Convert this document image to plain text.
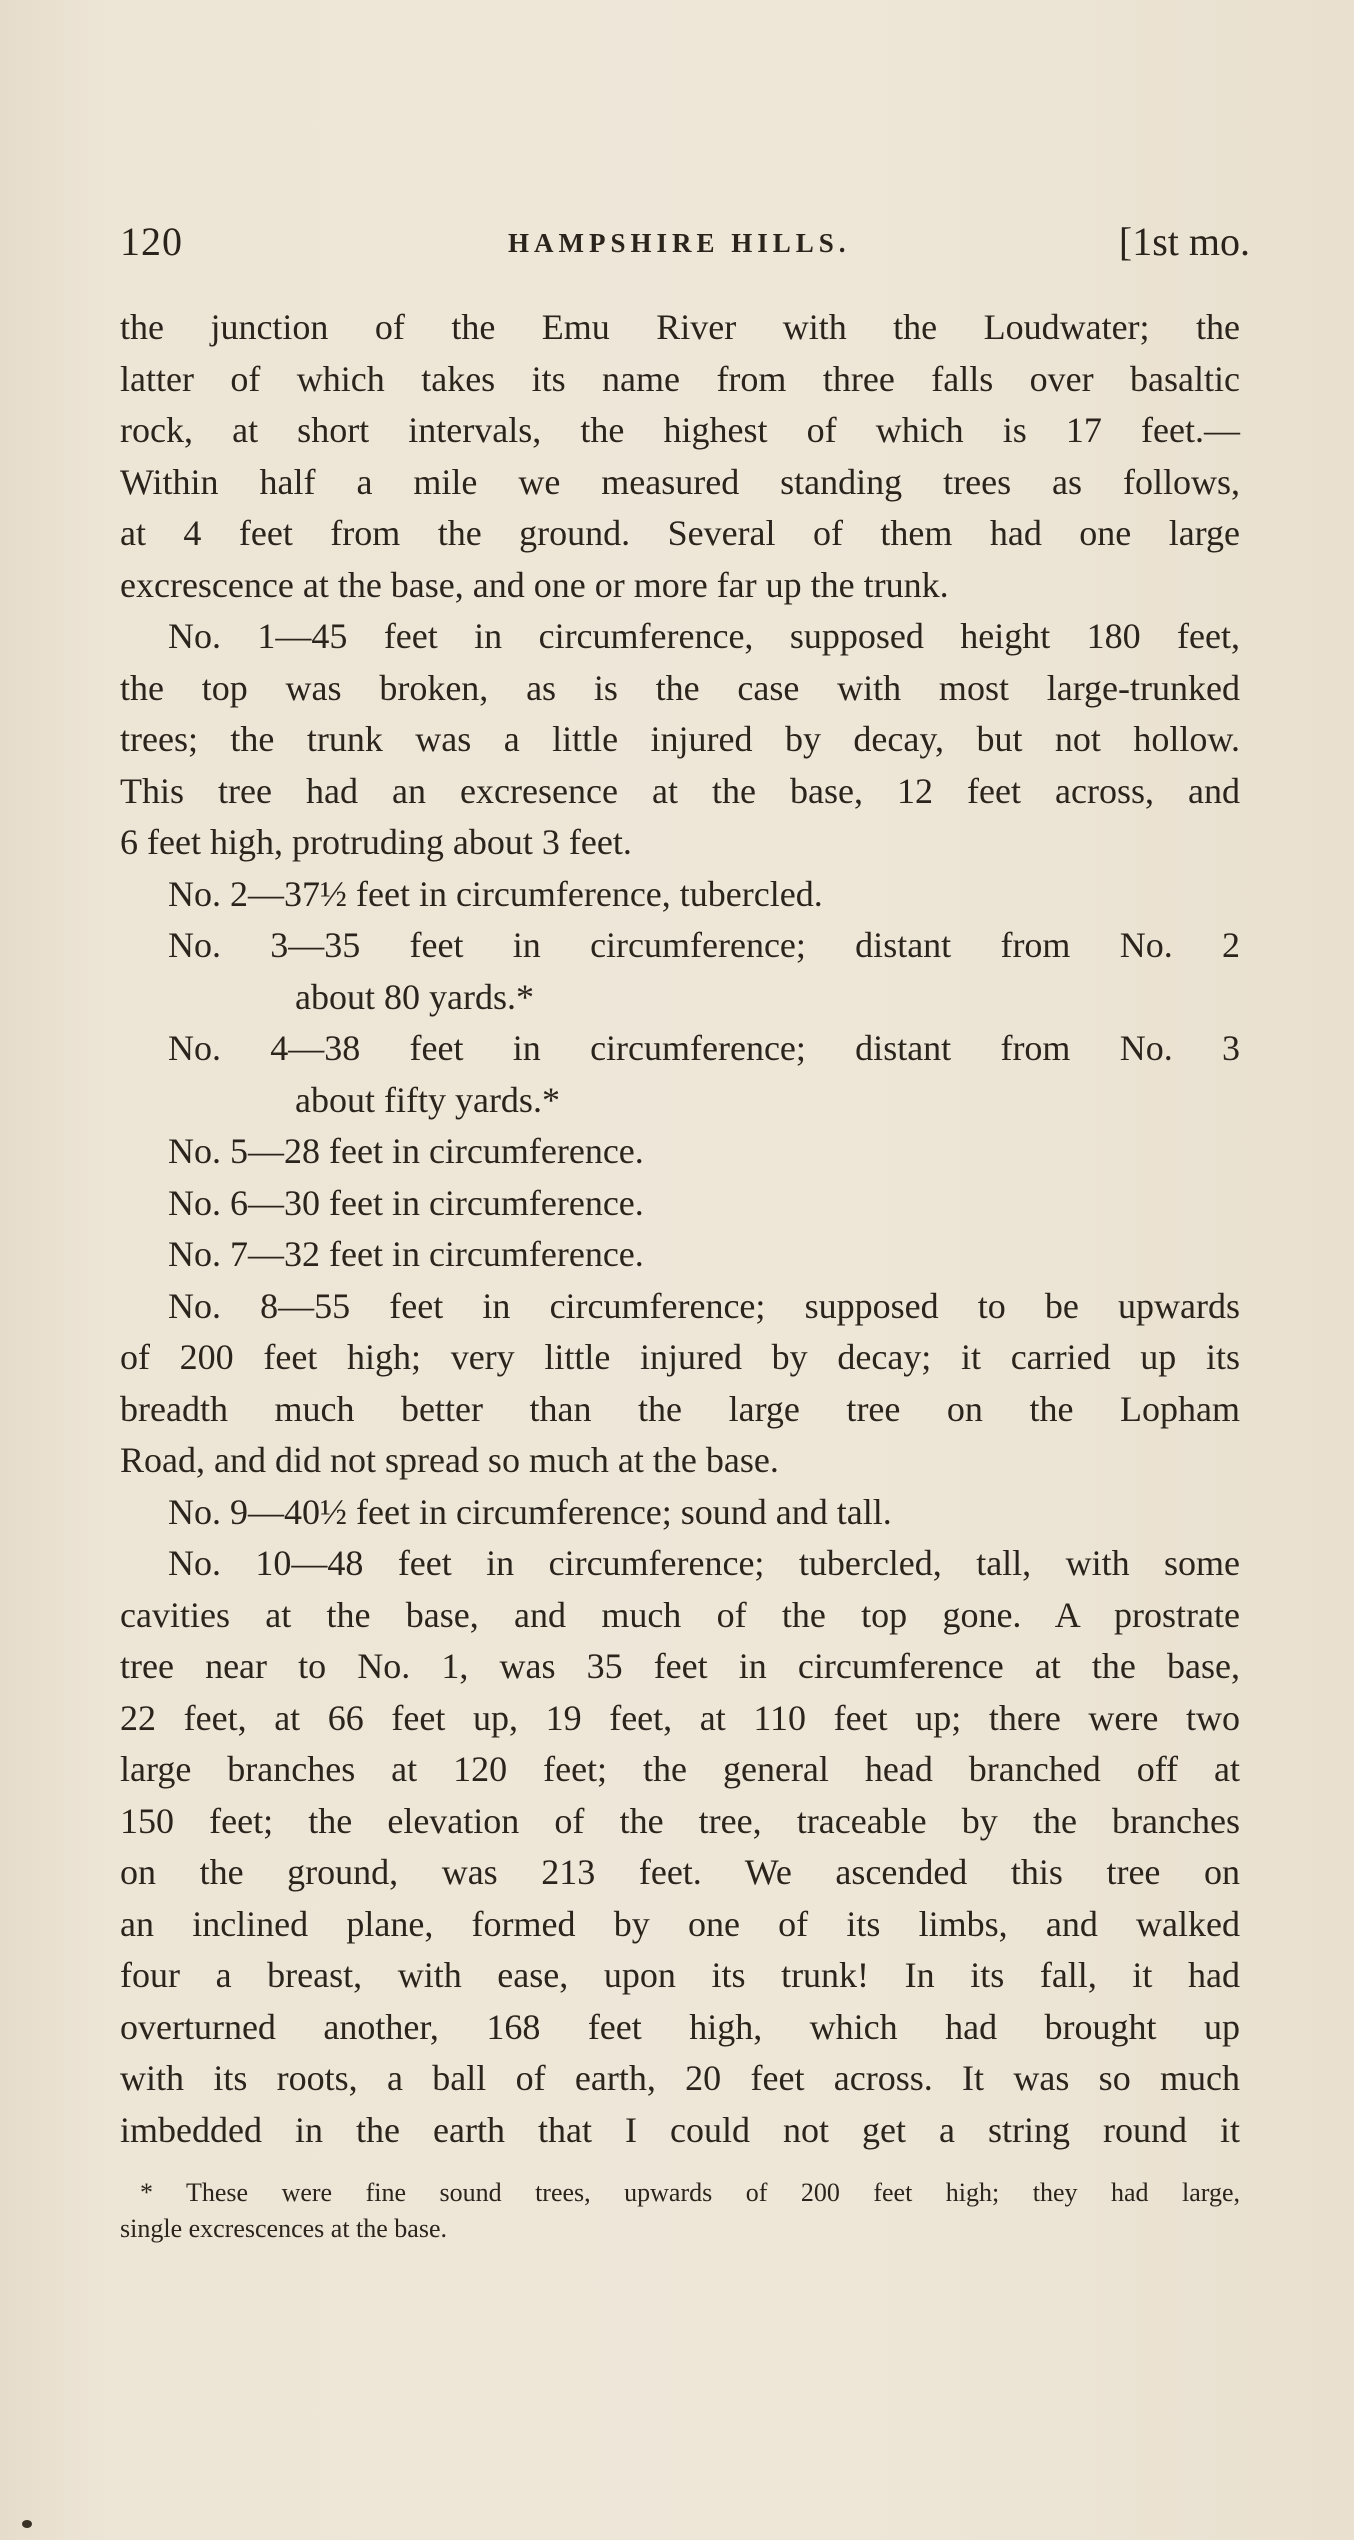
120	HAMPSHIRE HILLS.	[1st mo.
the junction of the Emu River with the Loudwater; the
latter of which takes its name from three falls over basaltic
rock, at short intervals, the highest of which is 17 feet.—
Within half a mile we measured standing trees as follows,
at 4 feet from the ground. Several of them had one large
excrescence at the base, and one or more far up the trunk.
No. 1—45 feet in circumference, supposed height 180 feet,
the top was broken, as is the case with most large-trunked
trees; the trunk was a little injured by decay, but not hollow.
This tree had an excresence at the base, 12 feet across, and
6 feet high, protruding about 3 feet.
No. 2—37½ feet in circumference, tubercled.
No. 3—35 feet in circumference; distant from No. 2
about 80 yards.*
No. 4—38 feet in circumference; distant from No. 3
about fifty yards.*
No. 5—28 feet in circumference.
No. 6—30 feet in circumference.
No. 7—32 feet in circumference.
No. 8—55 feet in circumference; supposed to be upwards
of 200 feet high; very little injured by decay; it carried up its
breadth much better than the large tree on the Lopham
Road, and did not spread so much at the base.
No. 9—40½ feet in circumference; sound and tall.
No. 10—48 feet in circumference; tubercled, tall, with some
cavities at the base, and much of the top gone. A prostrate
tree near to No. 1, was 35 feet in circumference at the base,
22 feet, at 66 feet up, 19 feet, at 110 feet up; there were two
large branches at 120 feet; the general head branched off at
150 feet; the elevation of the tree, traceable by the branches
on the ground, was 213 feet. We ascended this tree on
an inclined plane, formed by one of its limbs, and walked
four a breast, with ease, upon its trunk! In its fall, it had
overturned another, 168 feet high, which had brought up
with its roots, a ball of earth, 20 feet across. It was so much
imbedded in the earth that I could not get a string round it
* These were fine sound trees, upwards of 200 feet high; they had large,
single excrescences at the base.
